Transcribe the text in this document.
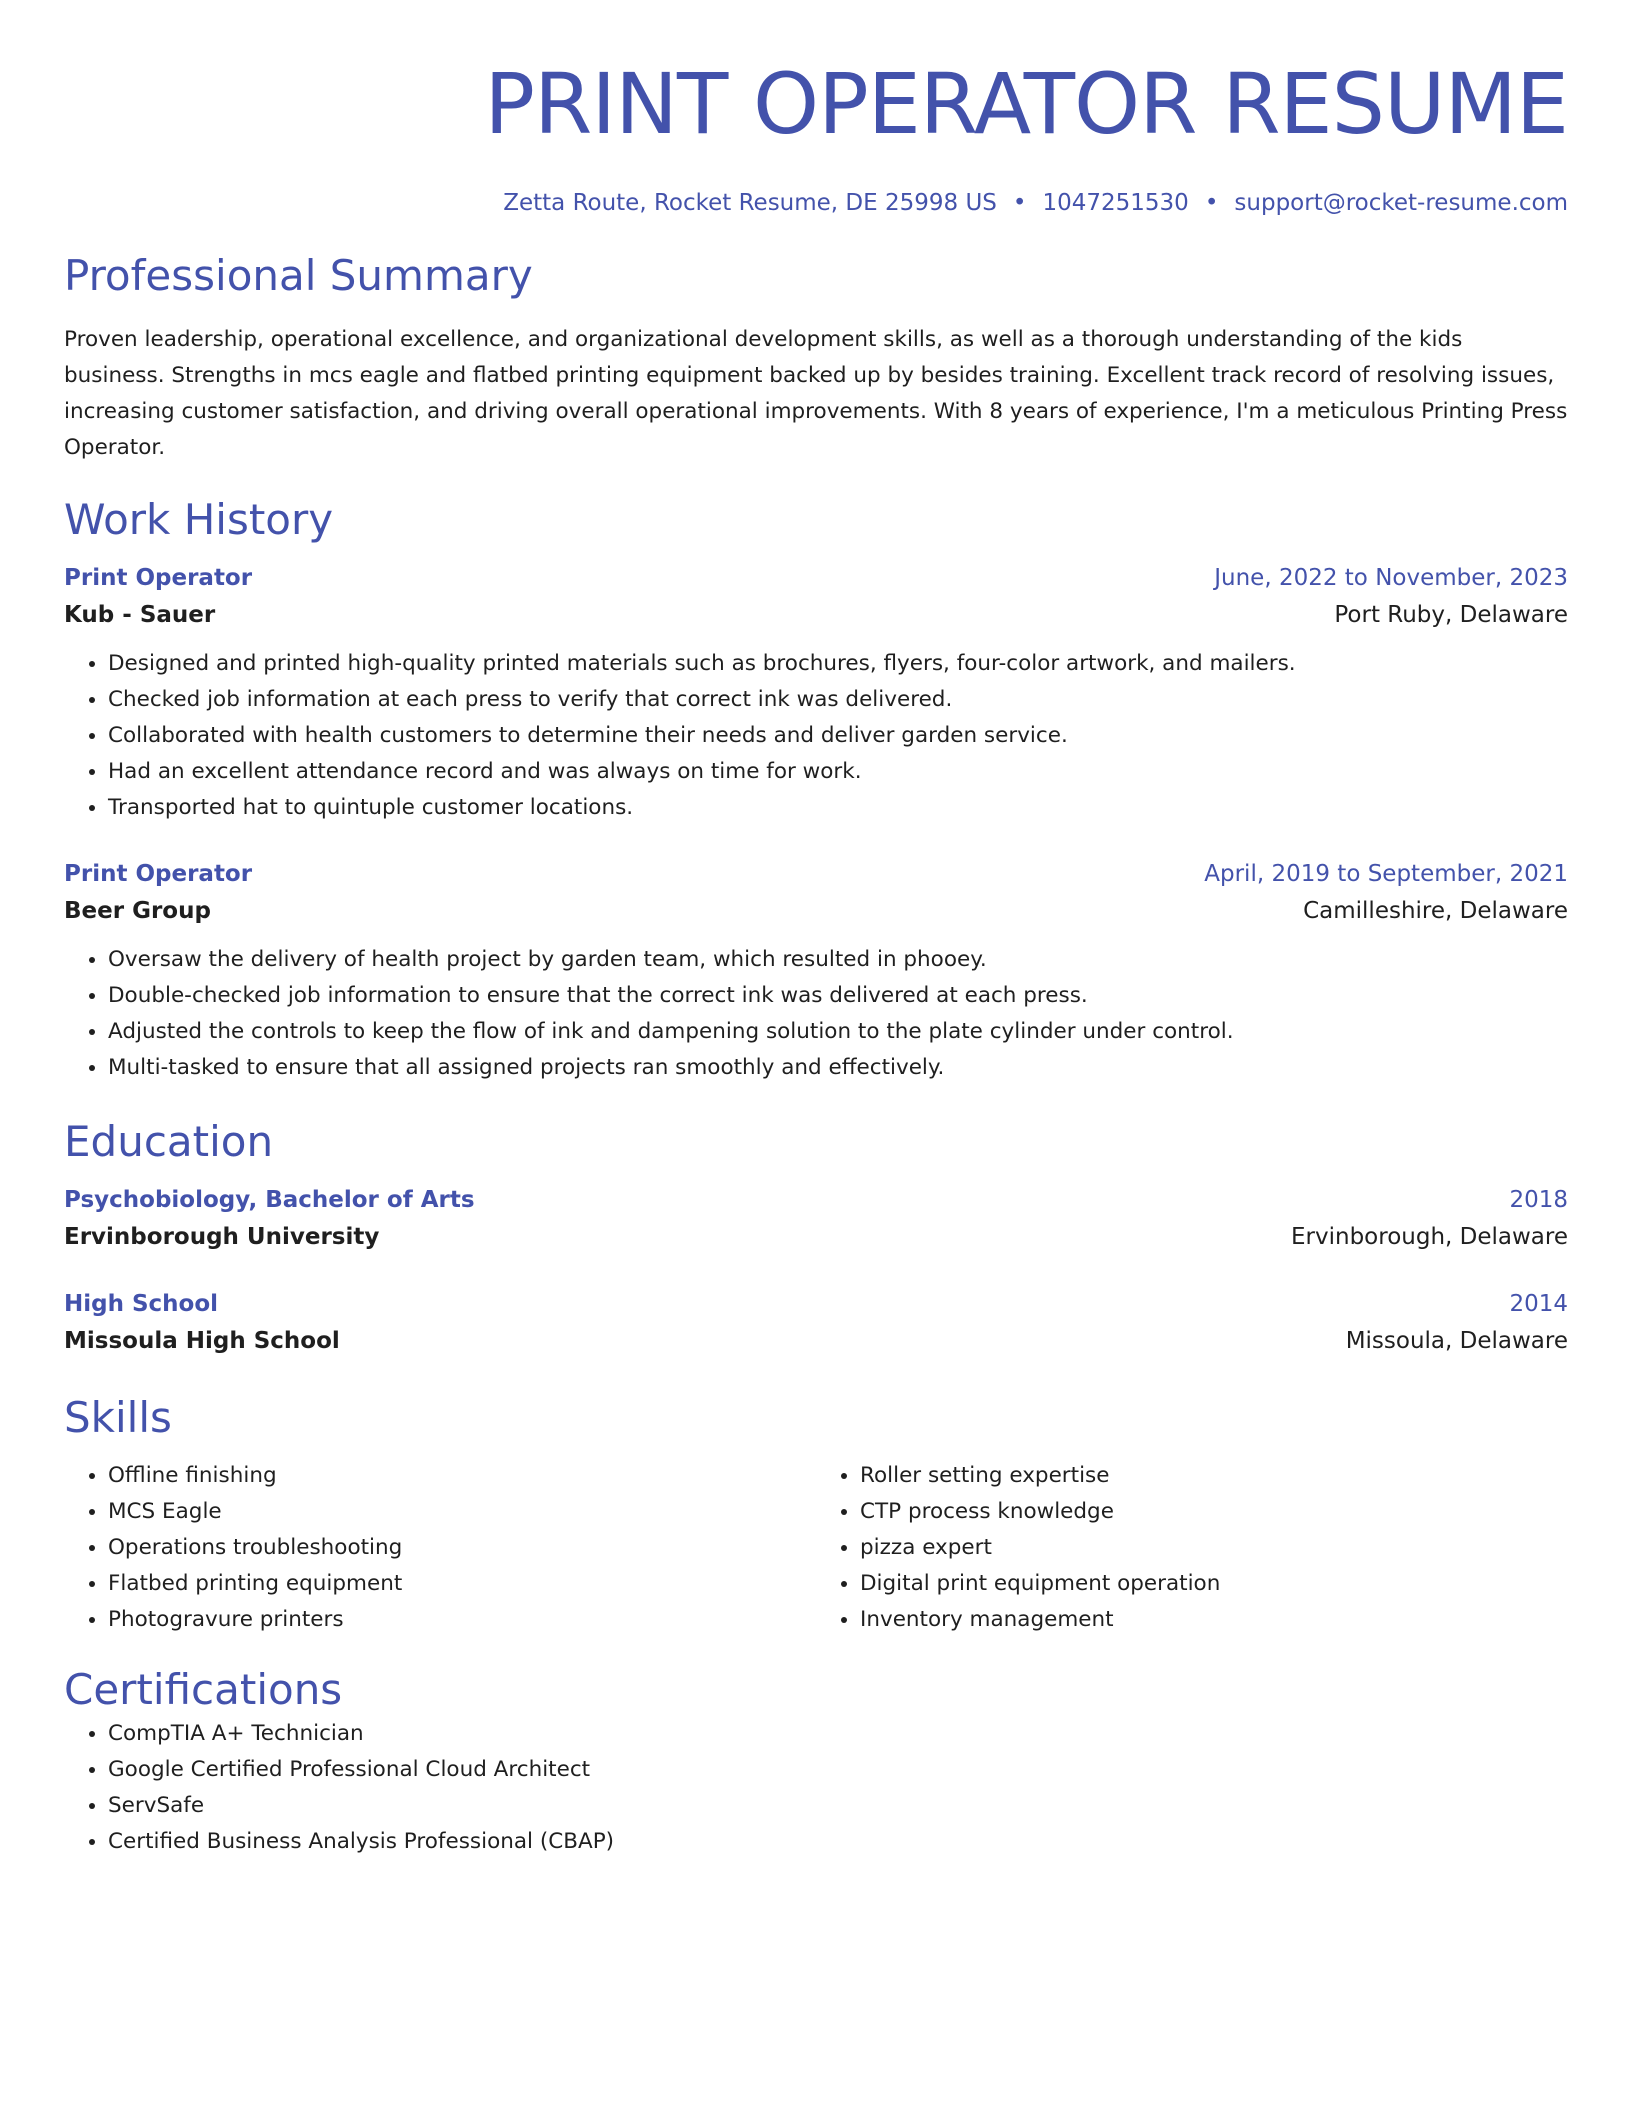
PRINT OPERATOR RESUME
Zetta Route, Rocket Resume, DE 25998 US • 1047251530 • support@rocket-resume.com
Professional Summary
Proven leadership, operational excellence, and organizational development skills, as well as a thorough understanding of the kids business. Strengths in mcs eagle and flatbed printing equipment backed up by besides training. Excellent track record of resolving issues, increasing customer satisfaction, and driving overall operational improvements. With 8 years of experience, I'm a meticulous Printing Press Operator.
Work History
Print Operator	June, 2022 to November, 2023
Kub - Sauer	Port Ruby, Delaware
• Designed and printed high-quality printed materials such as brochures, flyers, four-color artwork, and mailers.
• Checked job information at each press to verify that correct ink was delivered.
• Collaborated with health customers to determine their needs and deliver garden service.
• Had an excellent attendance record and was always on time for work.
• Transported hat to quintuple customer locations.
Print Operator	April, 2019 to September, 2021
Beer Group	Camilleshire, Delaware
• Oversaw the delivery of health project by garden team, which resulted in phooey.
• Double-checked job information to ensure that the correct ink was delivered at each press.
• Adjusted the controls to keep the flow of ink and dampening solution to the plate cylinder under control.
• Multi-tasked to ensure that all assigned projects ran smoothly and effectively.
Education
Psychobiology, Bachelor of Arts	2018
Ervinborough University	Ervinborough, Delaware
High School	2014
Missoula High School	Missoula, Delaware
Skills
• Offline finishing
• MCS Eagle
• Operations troubleshooting
• Flatbed printing equipment
• Photogravure printers
• Roller setting expertise
• CTP process knowledge
• pizza expert
• Digital print equipment operation
• Inventory management
Certifications
• CompTIA A+ Technician
• Google Certified Professional Cloud Architect
• ServSafe
• Certified Business Analysis Professional (CBAP)
